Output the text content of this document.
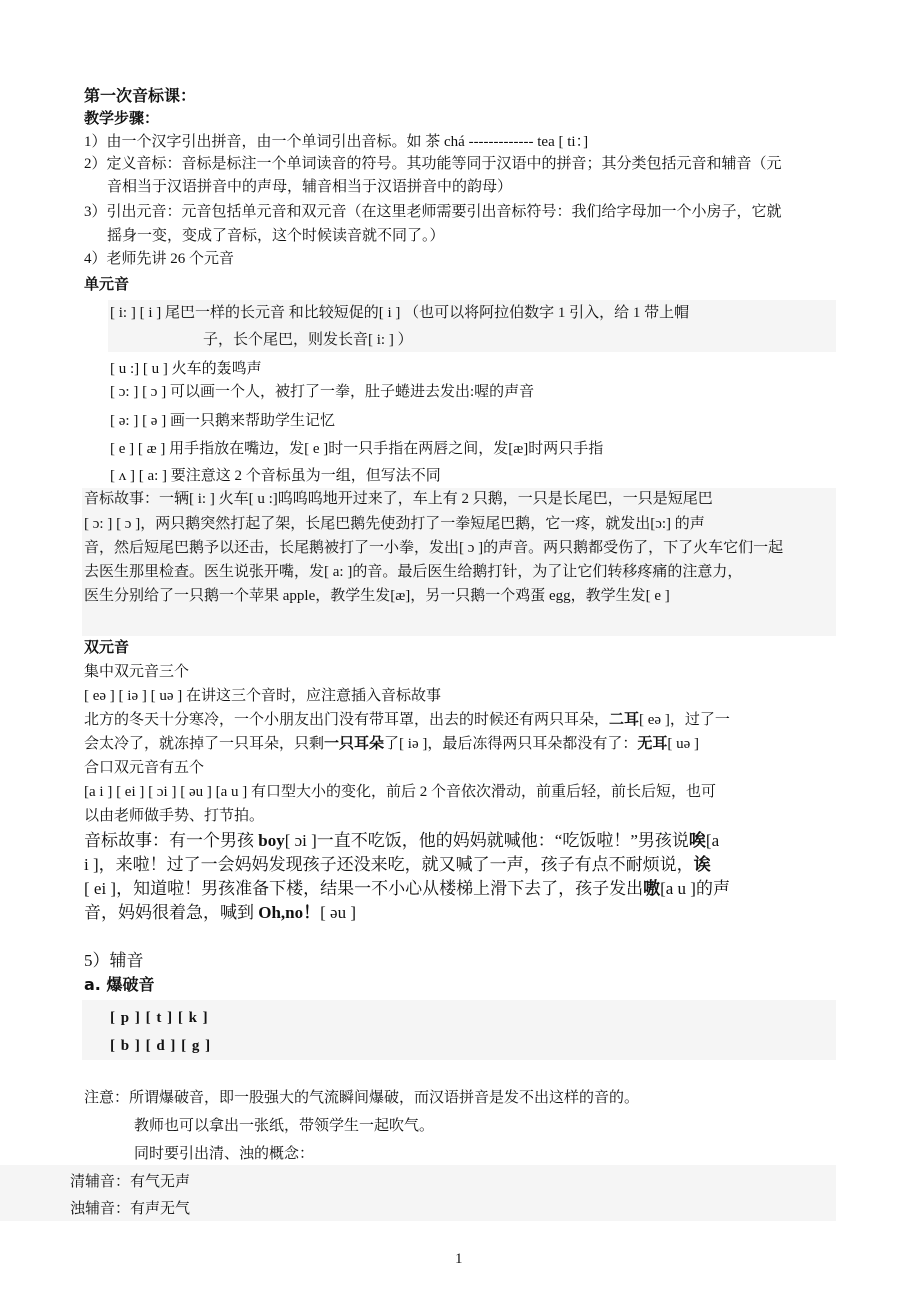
第一次音标课：
教学步骤：
1）由一个汉字引出拼音，由一个单词引出音标。如 茶 chá ------------- tea [ ti：]
2）定义音标：音标是标注一个单词读音的符号。其功能等同于汉语中的拼音；其分类包括元音和辅音（元
音相当于汉语拼音中的声母，辅音相当于汉语拼音中的韵母）
3）引出元音：元音包括单元音和双元音（在这里老师需要引出音标符号：我们给字母加一个小房子，它就
摇身一变，变成了音标，这个时候读音就不同了。）
4）老师先讲 26 个元音
单元音
[ i: ] [ i ] 尾巴一样的长元音 和比较短促的[ i ] （也可以将阿拉伯数字 1 引入，给 1 带上帽
子，长个尾巴，则发长音[ i: ] ）
[ u :] [ u ] 火车的轰鸣声
[ ɔ: ] [ ɔ ] 可以画一个人，被打了一拳，肚子蜷进去发出:喔的声音
[ ə: ] [ ə ] 画一只鹅来帮助学生记忆
[ e ] [ æ ] 用手指放在嘴边，发[ e ]时一只手指在两唇之间，发[æ]时两只手指
[ ʌ ] [ a: ] 要注意这 2 个音标虽为一组，但写法不同
音标故事：一辆[ i: ] 火车[ u :]呜呜呜地开过来了，车上有 2 只鹅，一只是长尾巴，一只是短尾巴
[ ɔ: ] [ ɔ ]，两只鹅突然打起了架，长尾巴鹅先使劲打了一拳短尾巴鹅，它一疼，就发出[ɔ:] 的声
音，然后短尾巴鹅予以还击，长尾鹅被打了一小拳，发出[ ɔ ]的声音。两只鹅都受伤了，下了火车它们一起
去医生那里检查。医生说张开嘴，发[ a: ]的音。最后医生给鹅打针，为了让它们转移疼痛的注意力，
医生分别给了一只鹅一个苹果 apple，教学生发[æ]，另一只鹅一个鸡蛋 egg，教学生发[ e ]
双元音
集中双元音三个
[ eə ] [ iə ] [ uə ] 在讲这三个音时，应注意插入音标故事
北方的冬天十分寒冷，一个小朋友出门没有带耳罩，出去的时候还有两只耳朵，二耳[ eə ]，过了一
会太冷了，就冻掉了一只耳朵，只剩一只耳朵了[ iə ]，最后冻得两只耳朵都没有了：无耳[ uə ]
合口双元音有五个
[a i ] [ ei ] [ ɔi ] [ əu ] [a u ] 有口型大小的变化，前后 2 个音依次滑动，前重后轻，前长后短，也可
以由老师做手势、打节拍。
音标故事：有一个男孩 boy[ ɔi ]一直不吃饭，他的妈妈就喊他：“吃饭啦！”男孩说唉[a
i ]，来啦！过了一会妈妈发现孩子还没来吃，就又喊了一声，孩子有点不耐烦说，诶
[ ei ]，知道啦！男孩准备下楼，结果一不小心从楼梯上滑下去了，孩子发出嗷[a u ]的声
音，妈妈很着急，喊到 Oh,no！[ əu ]
5）辅音
a. 爆破音
[ p ] [ t ] [ k ]
[ b ] [ d ] [ g ]
注意：所谓爆破音，即一股强大的气流瞬间爆破，而汉语拼音是发不出这样的音的。
教师也可以拿出一张纸，带领学生一起吹气。
同时要引出清、浊的概念：
清辅音：有气无声
浊辅音：有声无气
1
